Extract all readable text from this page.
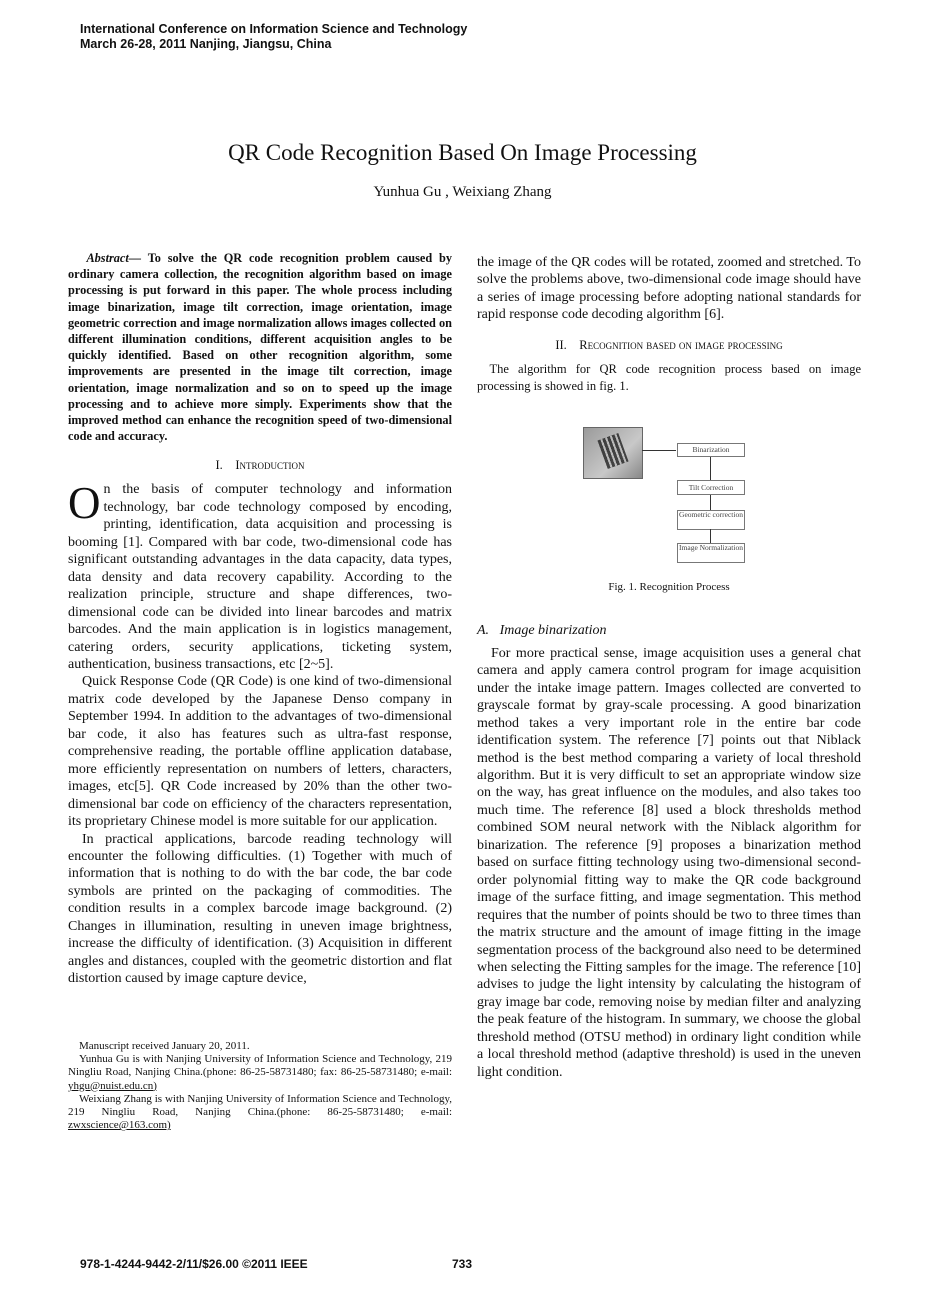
International Conference on Information Science and Technology
March 26-28, 2011 Nanjing, Jiangsu, China
QR Code Recognition Based On Image Processing
Yunhua Gu , Weixiang Zhang

Abstract— To solve the QR code recognition problem caused by ordinary camera collection, the recognition algorithm based on image processing is put forward in this paper. The whole process including image binarization, image tilt correction, image orientation, image geometric correction and image normalization allows images collected on different illumination conditions, different acquisition angles to be quickly identified. Based on other recognition algorithm, some improvements are presented in the image tilt correction, image orientation, image normalization and so on to speed up the image processing and to achieve more simply. Experiments show that the improved method can enhance the recognition speed of two-dimensional code and accuracy.

I. Introduction

On the basis of computer technology and information technology, bar code technology composed by encoding, printing, identification, data acquisition and processing is booming [1]. Compared with bar code, two-dimensional code has significant outstanding advantages in the data capacity, data types, data density and data recovery capability. According to the realization principle, structure and shape differences, two-dimensional code can be divided into linear barcodes and matrix barcodes. And the main application is in logistics management, catering orders, security applications, ticketing system, authentication, business transactions, etc [2~5].

Quick Response Code (QR Code) is one kind of two-dimensional matrix code developed by the Japanese Denso company in September 1994. In addition to the advantages of two-dimensional bar code, it also has features such as ultra-fast response, comprehensive reading, the portable offline application database, more efficiently representation on numbers of letters, characters, images, etc[5]. QR Code increased by 20% than the other two-dimensional bar code on efficiency of the characters representation, its proprietary Chinese model is more suitable for our application.

In practical applications, barcode reading technology will encounter the following difficulties. (1) Together with much of information that is nothing to do with the bar code, the bar code symbols are printed on the packaging of commodities. The condition results in a complex barcode image background. (2) Changes in illumination, resulting in uneven image brightness, increase the difficulty of identification. (3) Acquisition in different angles and distances, coupled with the geometric distortion and flat distortion caused by image capture device,

Manuscript received January 20, 2011.

Yunhua Gu is with Nanjing University of Information Science and Technology, 219 Ningliu Road, Nanjing China.(phone: 86-25-58731480; fax: 86-25-58731480; e-mail: yhgu@nuist.edu.cn)

Weixiang Zhang is with Nanjing University of Information Science and Technology, 219 Ningliu Road, Nanjing China.(phone: 86-25-58731480; e-mail: zwxscience@163.com)

the image of the QR codes will be rotated, zoomed and stretched. To solve the problems above, two-dimensional code image should have a series of image processing before adopting national standards for rapid response code decoding algorithm [6].

II. Recognition based on image processing

The algorithm for QR code recognition process based on image processing is showed in fig. 1.

Binarization
Tilt Correction
Geometric correction
Image Normalization
Fig. 1. Recognition Process
A. Image binarization

For more practical sense, image acquisition uses a general chat camera and apply camera control program for image acquisition under the intake image pattern. Images collected are converted to grayscale format by gray-scale processing. A good binarization method takes a very important role in the entire bar code identification system. The reference [7] points out that Niblack method is the best method comparing a variety of local threshold algorithm. But it is very difficult to set an appropriate window size on the way, has great influence on the modules, and also takes too much time. The reference [8] used a block thresholds method combined SOM neural network with the Niblack algorithm for binarization. The reference [9] proposes a binarization method based on surface fitting technology using two-dimensional second-order polynomial fitting way to make the QR code background image of the surface fitting, and image segmentation. This method requires that the number of points should be two to three times than the matrix structure and the amount of image fitting in the image segmentation process of the background also need to be determined when selecting the Fitting samples for the image. The reference [10] advises to judge the light intensity by calculating the histogram of gray image bar code, removing noise by median filter and analyzing the peak feature of the histogram. In summary, we choose the global threshold method (OTSU method) in ordinary light condition while a local threshold method (adaptive threshold) is used in the uneven light condition.

978-1-4244-9442-2/11/$26.00 ©2011 IEEE	733
